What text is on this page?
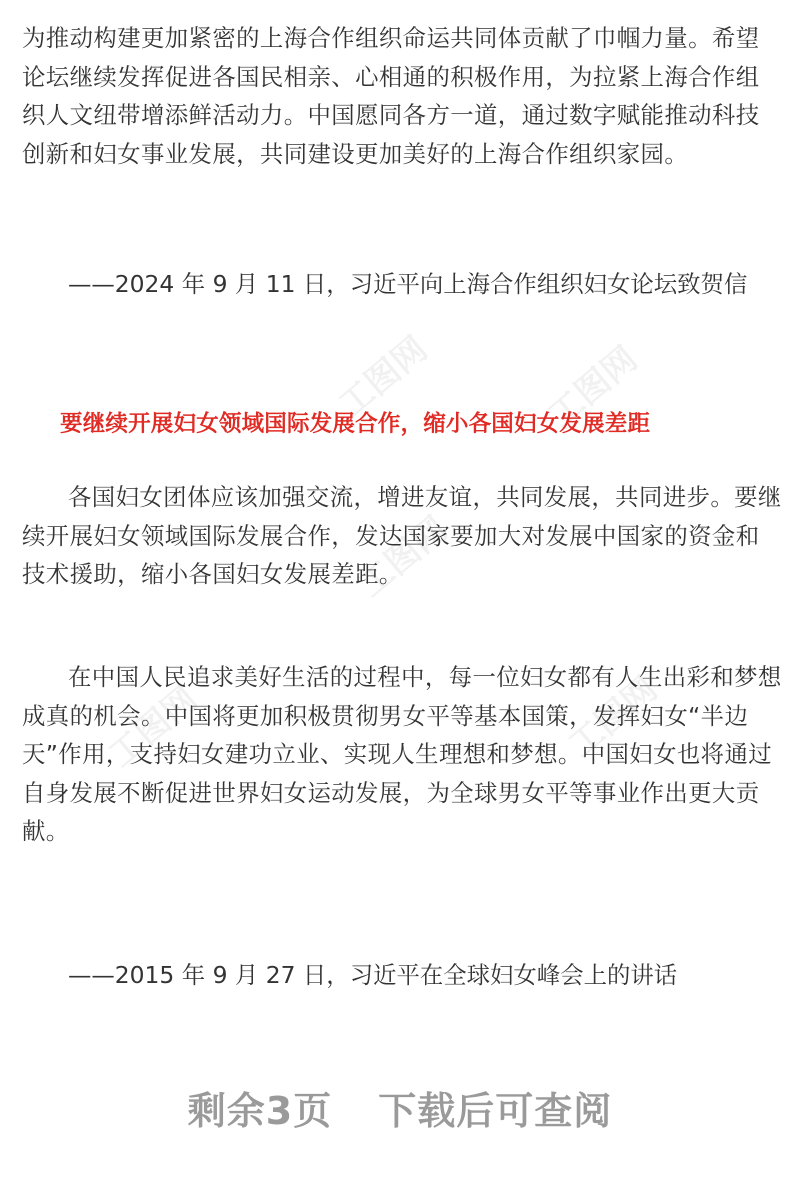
为推动构建更加紧密的上海合作组织命运共同体贡献了巾帼力量。希望论坛继续发挥促进各国民相亲、心相通的积极作用，为拉紧上海合作组织人文纽带增添鲜活动力。中国愿同各方一道，通过数字赋能推动科技创新和妇女事业发展，共同建设更加美好的上海合作组织家园。

——2024 年 9 月 11 日，习近平向上海合作组织妇女论坛致贺信

工图网	工图网
工图网
工图网	工图网
要继续开展妇女领域国际发展合作，缩小各国妇女发展差距

各国妇女团体应该加强交流，增进友谊，共同发展，共同进步。要继续开展妇女领域国际发展合作，发达国家要加大对发展中国家的资金和技术援助，缩小各国妇女发展差距。

在中国人民追求美好生活的过程中，每一位妇女都有人生出彩和梦想成真的机会。中国将更加积极贯彻男女平等基本国策，发挥妇女“半边天”作用，支持妇女建功立业、实现人生理想和梦想。中国妇女也将通过自身发展不断促进世界妇女运动发展，为全球男女平等事业作出更大贡献。

——2015 年 9 月 27 日，习近平在全球妇女峰会上的讲话

剩余3页 下载后可查阅
